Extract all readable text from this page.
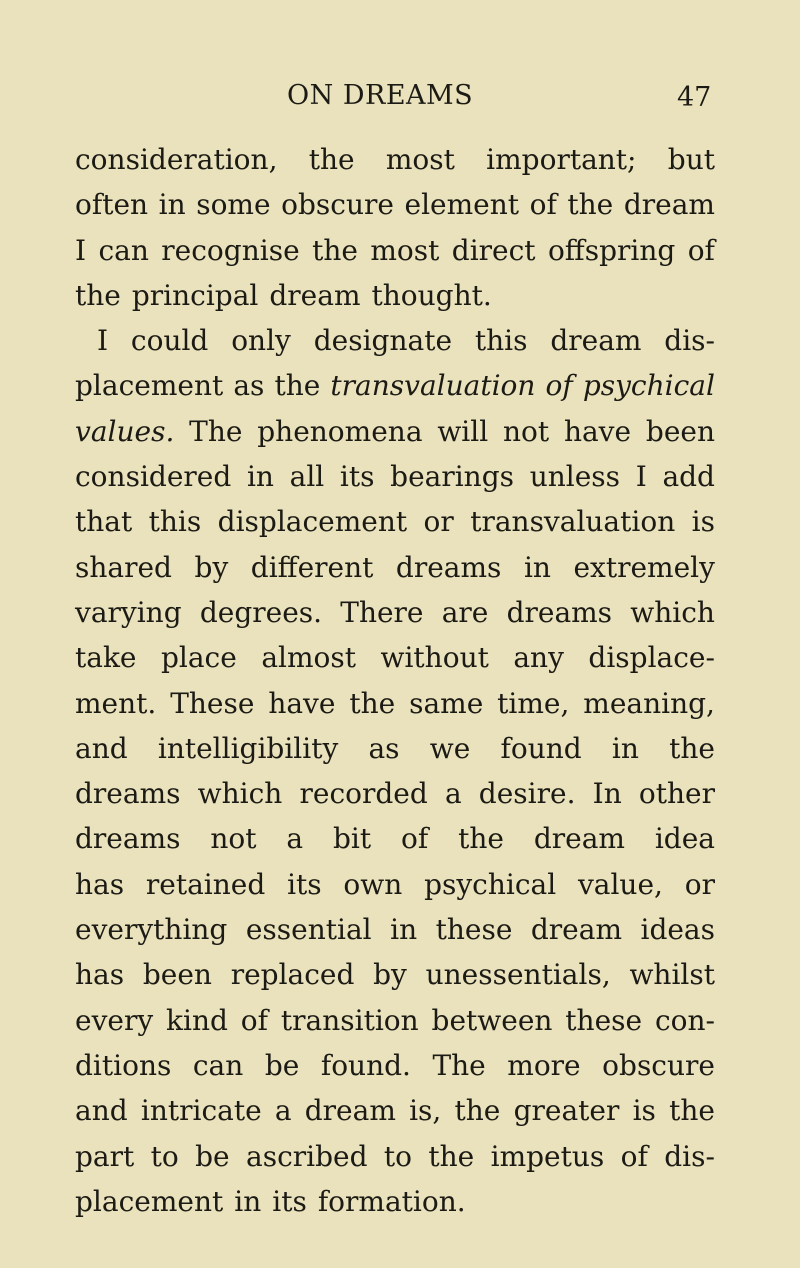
ON DREAMS	47
consideration, the most important; but
often in some obscure element of the dream
I can recognise the most direct offspring of
the principal dream thought.
I could only designate this dream dis-
placement as the transvaluation of psychical
values. The phenomena will not have been
considered in all its bearings unless I add
that this displacement or transvaluation is
shared by different dreams in extremely
varying degrees. There are dreams which
take place almost without any displace-
ment. These have the same time, meaning,
and intelligibility as we found in the
dreams which recorded a desire. In other
dreams not a bit of the dream idea
has retained its own psychical value, or
everything essential in these dream ideas
has been replaced by unessentials, whilst
every kind of transition between these con-
ditions can be found. The more obscure
and intricate a dream is, the greater is the
part to be ascribed to the impetus of dis-
placement in its formation.
